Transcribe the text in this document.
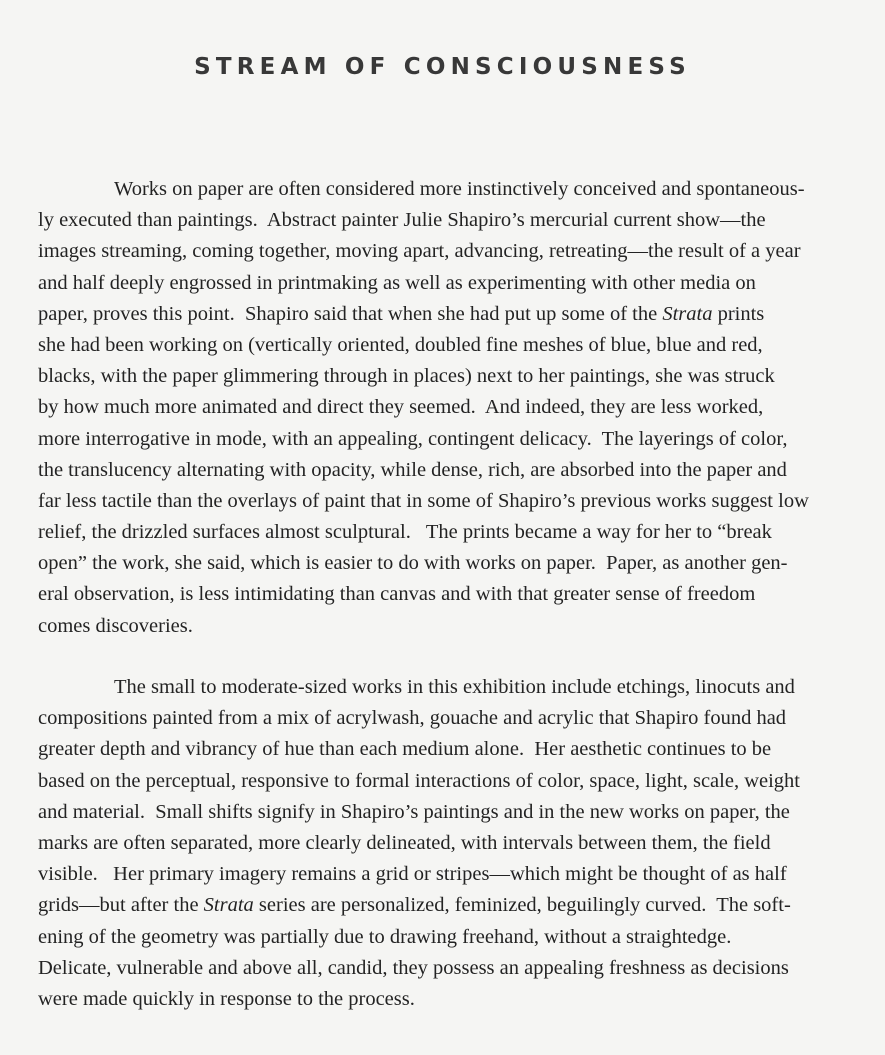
STREAM OF CONSCIOUSNESS
Works on paper are often considered more instinctively conceived and spontaneous-
ly executed than paintings.  Abstract painter Julie Shapiro’s mercurial current show—the
images streaming, coming together, moving apart, advancing, retreating—the result of a year
and half deeply engrossed in printmaking as well as experimenting with other media on
paper, proves this point.  Shapiro said that when she had put up some of the Strata prints
she had been working on (vertically oriented, doubled fine meshes of blue, blue and red,
blacks, with the paper glimmering through in places) next to her paintings, she was struck
by how much more animated and direct they seemed.  And indeed, they are less worked,
more interrogative in mode, with an appealing, contingent delicacy.  The layerings of color,
the translucency alternating with opacity, while dense, rich, are absorbed into the paper and
far less tactile than the overlays of paint that in some of Shapiro’s previous works suggest low
relief, the drizzled surfaces almost sculptural.   The prints became a way for her to “break
open” the work, she said, which is easier to do with works on paper.  Paper, as another gen-
eral observation, is less intimidating than canvas and with that greater sense of freedom
comes discoveries.
The small to moderate-sized works in this exhibition include etchings, linocuts and
compositions painted from a mix of acrylwash, gouache and acrylic that Shapiro found had
greater depth and vibrancy of hue than each medium alone.  Her aesthetic continues to be
based on the perceptual, responsive to formal interactions of color, space, light, scale, weight
and material.  Small shifts signify in Shapiro’s paintings and in the new works on paper, the
marks are often separated, more clearly delineated, with intervals between them, the field
visible.   Her primary imagery remains a grid or stripes—which might be thought of as half
grids—but after the Strata series are personalized, feminized, beguilingly curved.  The soft-
ening of the geometry was partially due to drawing freehand, without a straightedge.
Delicate, vulnerable and above all, candid, they possess an appealing freshness as decisions
were made quickly in response to the process.
